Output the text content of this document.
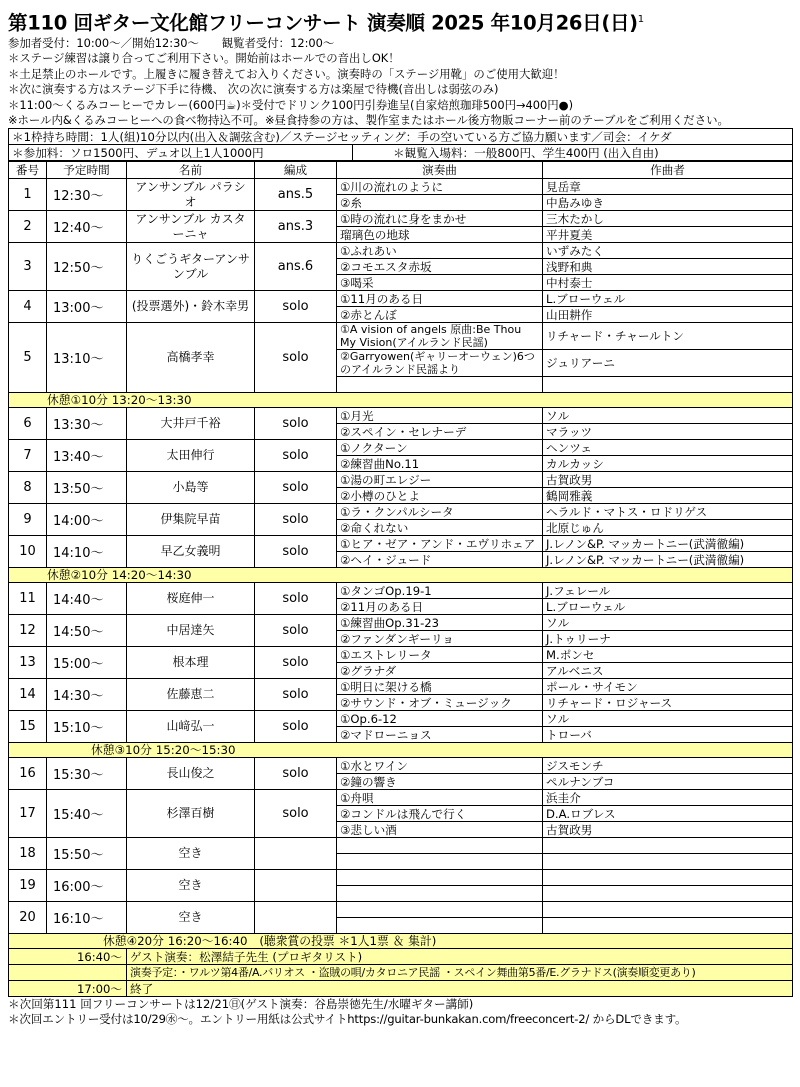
第110 回ギター文化館フリーコンサート 演奏順 2025 年10月26日(日)$^1$
参加者受付：10:00～／開始12:30～　　観覧者受付：12:00～
＊ステージ練習は譲り合ってご利用下さい。開始前はホールでの音出しOK！
＊土足禁止のホールです。上履きに履き替えてお入りください。演奏時の「ステージ用靴」のご使用大歓迎！
＊次に演奏する方はステージ下手に待機、 次の次に演奏する方は楽屋で待機(音出しは弱弦のみ)
＊11:00～くるみコーヒーでカレー(600円☕)＊受付でドリンク100円引券進呈(自家焙煎珈琲500円→400円●)
※ホール内&くるみコーヒーへの食べ物持込不可。※昼食持参の方は、製作室またはホール後方物販コーナー前のテーブルをご利用ください。
＊1枠持ち時間：1人(組)10分以内(出入＆調弦含む)／ステージセッティング：手の空いている方ご協力願います／司会：イケダ
＊参加料：ソロ1500円、デュオ以上1人1000円	＊観覧入場料：一般800円、学生400円 (出入自由)
番号	予定時間	名前	編成	演奏曲	作曲者
1	12:30～	アンサンブル パラシオ	ans.5	①川の流れのように	見岳章
				②糸	中島みゆき
2	12:40～	アンサンブル カスターニャ	ans.3	①時の流れに身をまかせ	三木たかし
				瑠璃色の地球	平井夏美
3	12:50～	りくごうギターアンサンブル	ans.6	①ふれあい	いずみたく
				②コモエスタ赤坂	浅野和典
				③喝采	中村泰士
4	13:00～	(投票選外)・鈴木幸男	solo	①11月のある日	L.ブローウェル
				②赤とんぼ	山田耕作
5	13:10～	高橋孝幸	solo	①A vision of angels 原曲:Be Thou My Vision(アイルランド民謡)	リチャード・チャールトン
				②Garryowen(ギャリーオーウェン)6つのアイルランド民謡より	ジュリアーニ

休憩①10分 13:20～13:30					
6	13:30～	大井戸千裕	solo	①月光	ソル
				②スペイン・セレナーデ	マラッツ
7	13:40～	太田伸行	solo	①ノクターン	ヘンツェ
				②練習曲No.11	カルカッシ
8	13:50～	小島等	solo	①湯の町エレジー	古賀政男
				②小樽のひとよ	鶴岡雅義
9	14:00～	伊集院早苗	solo	①ラ・クンパルシータ	ヘラルド・マトス・ロドリゲス
				②命くれない	北原じゅん
10	14:10～	早乙女義明	solo	①ヒア・ゼア・アンド・エヴリホェア	J.レノン&P. マッカートニー(武満徹編)
				②ヘイ・ジュード	J.レノン&P. マッカートニー(武満徹編)
休憩②10分 14:20～14:30					
11	14:40～	桜庭伸一	solo	①タンゴOp.19-1	J.フェレール
				②11月のある日	L.ブローウェル
12	14:50～	中居達矢	solo	①練習曲Op.31-23	ソル
				②ファンダンギーリョ	J.トゥリーナ
13	15:00～	根本理	solo	①エストレリータ	M.ポンセ
				②グラナダ	アルベニス
14	14:30～	佐藤恵二	solo	①明日に架ける橋	ポール・サイモン
				②サウンド・オブ・ミュージック	リチャード・ロジャース
15	15:10～	山﨑弘一	solo	①Op.6-12	ソル
				②マドローニョス	トローバ
休憩③10分 15:20～15:30					
16	15:30～	長山俊之	solo	①水とワイン	ジスモンチ
				②鐘の響き	ペルナンブコ
17	15:40～	杉澤百樹	solo	①舟唄	浜圭介
				②コンドルは飛んで行く	D.A.ロブレス
				③悲しい酒	古賀政男
18	15:50～	空き			

19	16:00～	空き			

20	16:10～	空き			

休憩④20分 16:20～16:40　(聴衆賞の投票 ＊1人1票 ＆ 集計)					
16:40～		ゲスト演奏：松澤結子先生 (プロギタリスト)			
		演奏予定：・ワルツ第4番/A.バリオス ・盗賊の唄/カタロニア民謡 ・スペイン舞曲第5番/E.グラナドス(演奏順変更あり)			
17:00～		終了			
＊次回第111 回フリーコンサートは12/21㊐(ゲスト演奏：谷島崇徳先生/水曜ギター講師)
＊次回エントリー受付は10/29㊌～。エントリー用紙は公式サイトhttps://guitar-bunkakan.com/freeconcert-2/ からDLできます。
